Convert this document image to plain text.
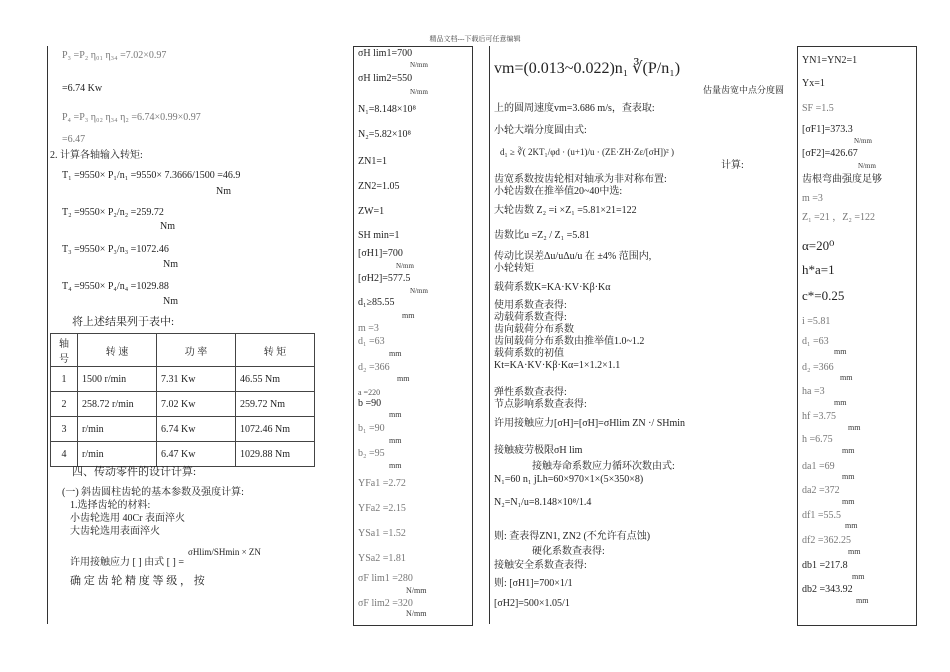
精品文档---下载后可任意编辑
P₃ =P₂ η₀₁ η₃₄ =7.02×0.97
=6.74 Kw
P₄ =P₃ η₀₂ η₃₄ η₂ =6.74×0.99×0.97
=6.47
2. 计算各轴输入转矩:
T₁ =9550× P₁/n₁ =9550× 7.3666/1500 =46.9
Nm
T₂ =9550× P₂/n₂ =259.72
Nm
T₃ =9550× P₃/n₃ =1072.46
Nm
T₄ =9550× P₄/n₄ =1029.88
Nm
将上述结果列于表中:
轴号	转 速	功 率	转 矩
1	1500 r/min	7.31 Kw	46.55 Nm
2	258.72 r/min	7.02 Kw	259.72 Nm
3	r/min	6.74 Kw	1072.46 Nm
4	r/min	6.47 Kw	1029.88 Nm
四、传动零件的设计计算:
(一) 斜齿圆柱齿轮的基本参数及强度计算:
1.选择齿轮的材料:
小齿轮选用 40Cr 表面淬火
大齿轮选用表面淬火
σHlim/SHmin × ZN
许用接触应力 [ ] 由式 [ ] =
确 定 齿 轮 精 度 等 级 ， 按
σH lim1=700
N/mm
σH lim2=550
N/mm
N₁=8.148×10⁸
N₂=5.82×10⁸
ZN1=1
ZN2=1.05
ZW=1
SH min=1
[σH1]=700
N/mm
[σH2]=577.5
N/mm
d₁≥85.55
mm
m =3
d₁ =63
mm
d₂ =366
mm
a =220
b =90
mm
b₁ =90
mm
b₂ =95
mm
YFa1 =2.72
YFa2 =2.15
YSa1 =1.52
YSa2 =1.81
σF lim1 =280
N/mm
σF lim2 =320
N/mm
vm=(0.013~0.022)n₁ ∛(P/n₁)
估量齿宽中点分度圆
上的圆周速度vm=3.686 m/s，查表取:
小轮大端分度圆由式:
d₁ ≥ ∛( 2KT₁/φd · (u+1)/u · (ZE·ZH·Zε/[σH])² )
计算:
齿宽系数按齿轮相对轴承为非对称布置:
小轮齿数在推举值20~40中选:
大轮齿数 Z₂ =i ×Z₁ =5.81×21=122
齿数比u =Z₂ / Z₁ =5.81
传动比误差Δu/uΔu/u 在 ±4% 范围内,
小轮转矩
载荷系数K=KA·KV·Kβ·Kα
使用系数查表得:
动载荷系数查得:
齿向载荷分布系数
齿间载荷分布系数由推举值1.0~1.2
载荷系数的初值
Kt=KA·KV·Kβ·Kα=1×1.2×1.1
弹性系数查表得:
节点影响系数查表得:
许用接触应力[σH]=[σH]=σHlim ZN ·/ SHmin
接触疲劳极限σH lim
接触寿命系数应力循环次数由式:
N₁=60 n₁ jLh=60×970×1×(5×350×8)
N₂=N₁/u=8.148×10⁸/1.4
则: 查表得ZN1, ZN2 (不允许有点蚀)
硬化系数查表得:
接触安全系数查表得:
则: [σH1]=700×1/1
[σH2]=500×1.05/1
YN1=YN2=1
Yx=1
SF =1.5
[σF1]=373.3
N/mm
[σF2]=426.67
N/mm
齿根弯曲强度足够
m =3
Z₁ =21 ，Z₂ =122
α=20⁰
h*a=1
c*=0.25
i =5.81
d₁ =63
mm
d₂ =366
mm
ha =3
mm
hf =3.75
mm
h =6.75
mm
da1 =69
mm
da2 =372
mm
df1 =55.5
mm
df2 =362.25
mm
db1 =217.8
mm
db2 =343.92
mm
